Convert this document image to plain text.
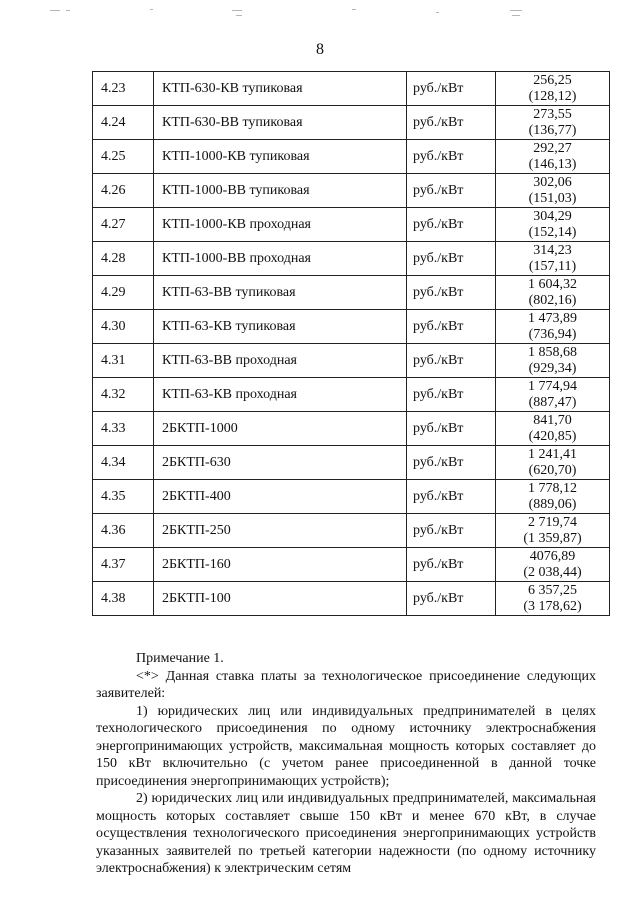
8
4.23	КТП-630-КВ тупиковая	руб./кВт	256,25
(128,12)

4.24	КТП-630-ВВ тупиковая	руб./кВт	273,55
(136,77)

4.25	КТП-1000-КВ тупиковая	руб./кВт	292,27
(146,13)

4.26	КТП-1000-ВВ тупиковая	руб./кВт	302,06
(151,03)

4.27	КТП-1000-КВ проходная	руб./кВт	304,29
(152,14)

4.28	КТП-1000-ВВ проходная	руб./кВт	314,23
(157,11)

4.29	КТП-63-ВВ тупиковая	руб./кВт	1 604,32
(802,16)

4.30	КТП-63-КВ тупиковая	руб./кВт	1 473,89
(736,94)

4.31	КТП-63-ВВ проходная	руб./кВт	1 858,68
(929,34)

4.32	КТП-63-КВ проходная	руб./кВт	1 774,94
(887,47)

4.33	2БКТП-1000	руб./кВт	841,70
(420,85)

4.34	2БКТП-630	руб./кВт	1 241,41
(620,70)

4.35	2БКТП-400	руб./кВт	1 778,12
(889,06)

4.36	2БКТП-250	руб./кВт	2 719,74
(1 359,87)

4.37	2БКТП-160	руб./кВт	4076,89
(2 038,44)

4.38	2БКТП-100	руб./кВт	6 357,25
(3 178,62)

Примечание 1.

<*> Данная ставка платы за технологическое присоединение следующих заявителей:

1) юридических лиц или индивидуальных предпринимателей в целях технологического присоединения по одному источнику электроснабжения энергопринимающих устройств, максимальная мощность которых составляет до 150 кВт включительно (с учетом ранее присоединенной в данной точке присоединения энергопринимающих устройств);

2) юридических лиц или индивидуальных предпринимателей, максимальная мощность которых составляет свыше 150 кВт и менее 670 кВт, в случае осуществления технологического присоединения энергопринимающих устройств указанных заявителей по третьей категории надежности (по одному источнику электроснабжения) к электрическим сетям
